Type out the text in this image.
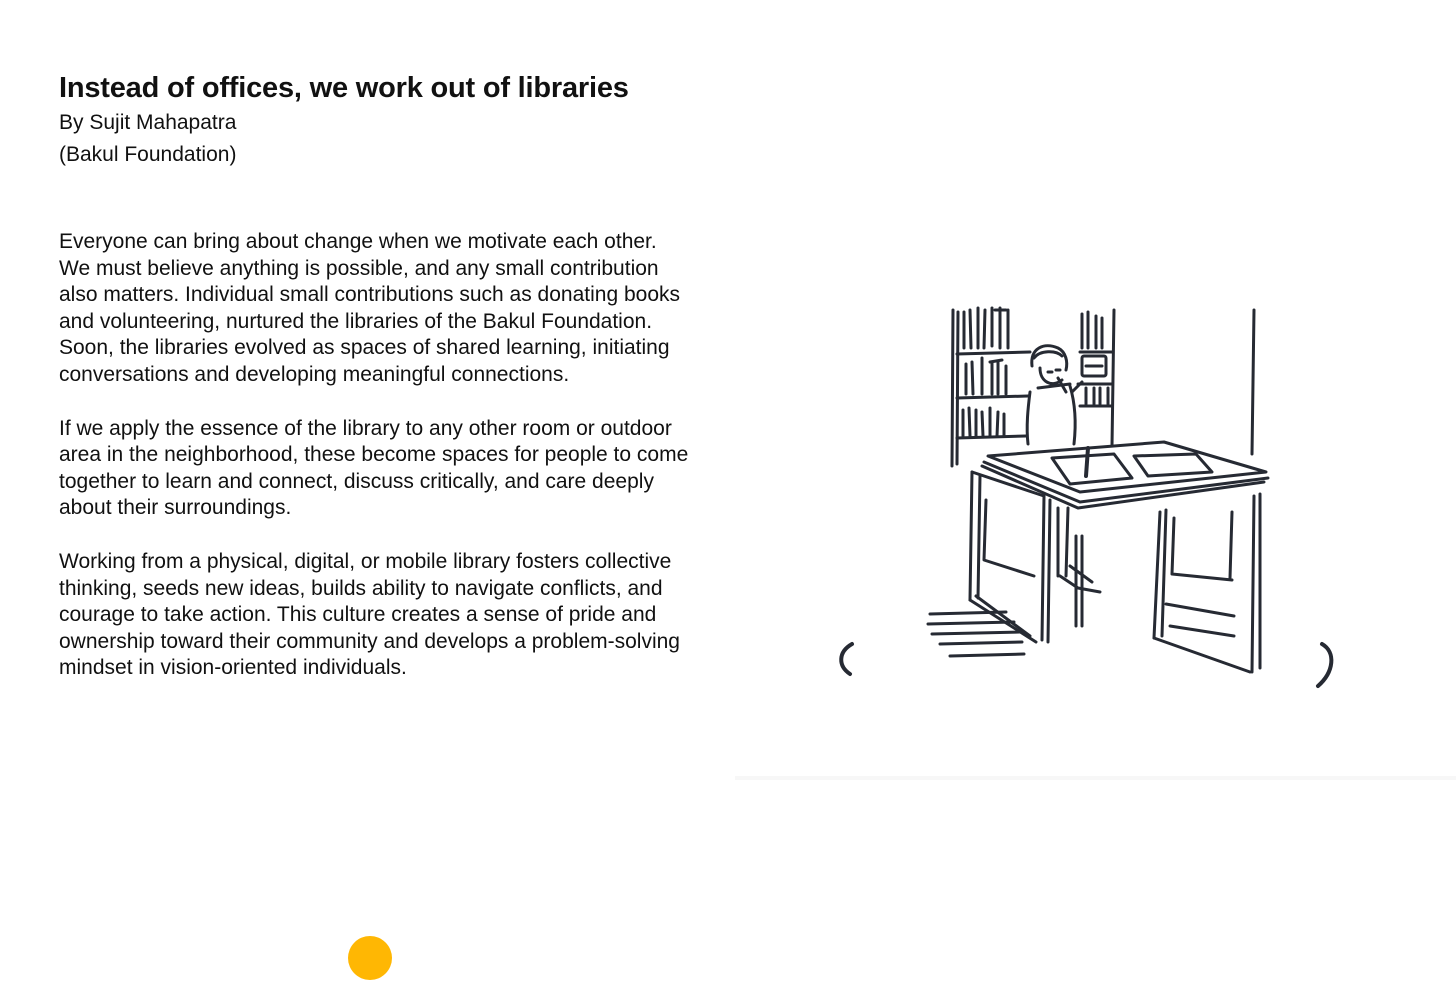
Instead of offices, we work out of libraries
By Sujit Mahapatra
(Bakul Foundation)

Everyone can bring about change when we motivate each other. We must believe anything is possible, and any small contribution also matters. Individual small contributions such as donating books and volunteering, nurtured the libraries of the Bakul Foundation. Soon, the libraries evolved as spaces of shared learning, initiating conversations and developing meaningful connections.

If we apply the essence of the library to any other room or outdoor area in the neighborhood, these become spaces for people to come together to learn and connect, discuss critically, and care deeply about their surroundings.

Working from a physical, digital, or mobile library fosters collective thinking, seeds new ideas, builds ability to navigate conflicts, and courage to take action. This culture creates a sense of pride and ownership toward their community and develops a problem-solving mindset in vision-oriented individuals.
